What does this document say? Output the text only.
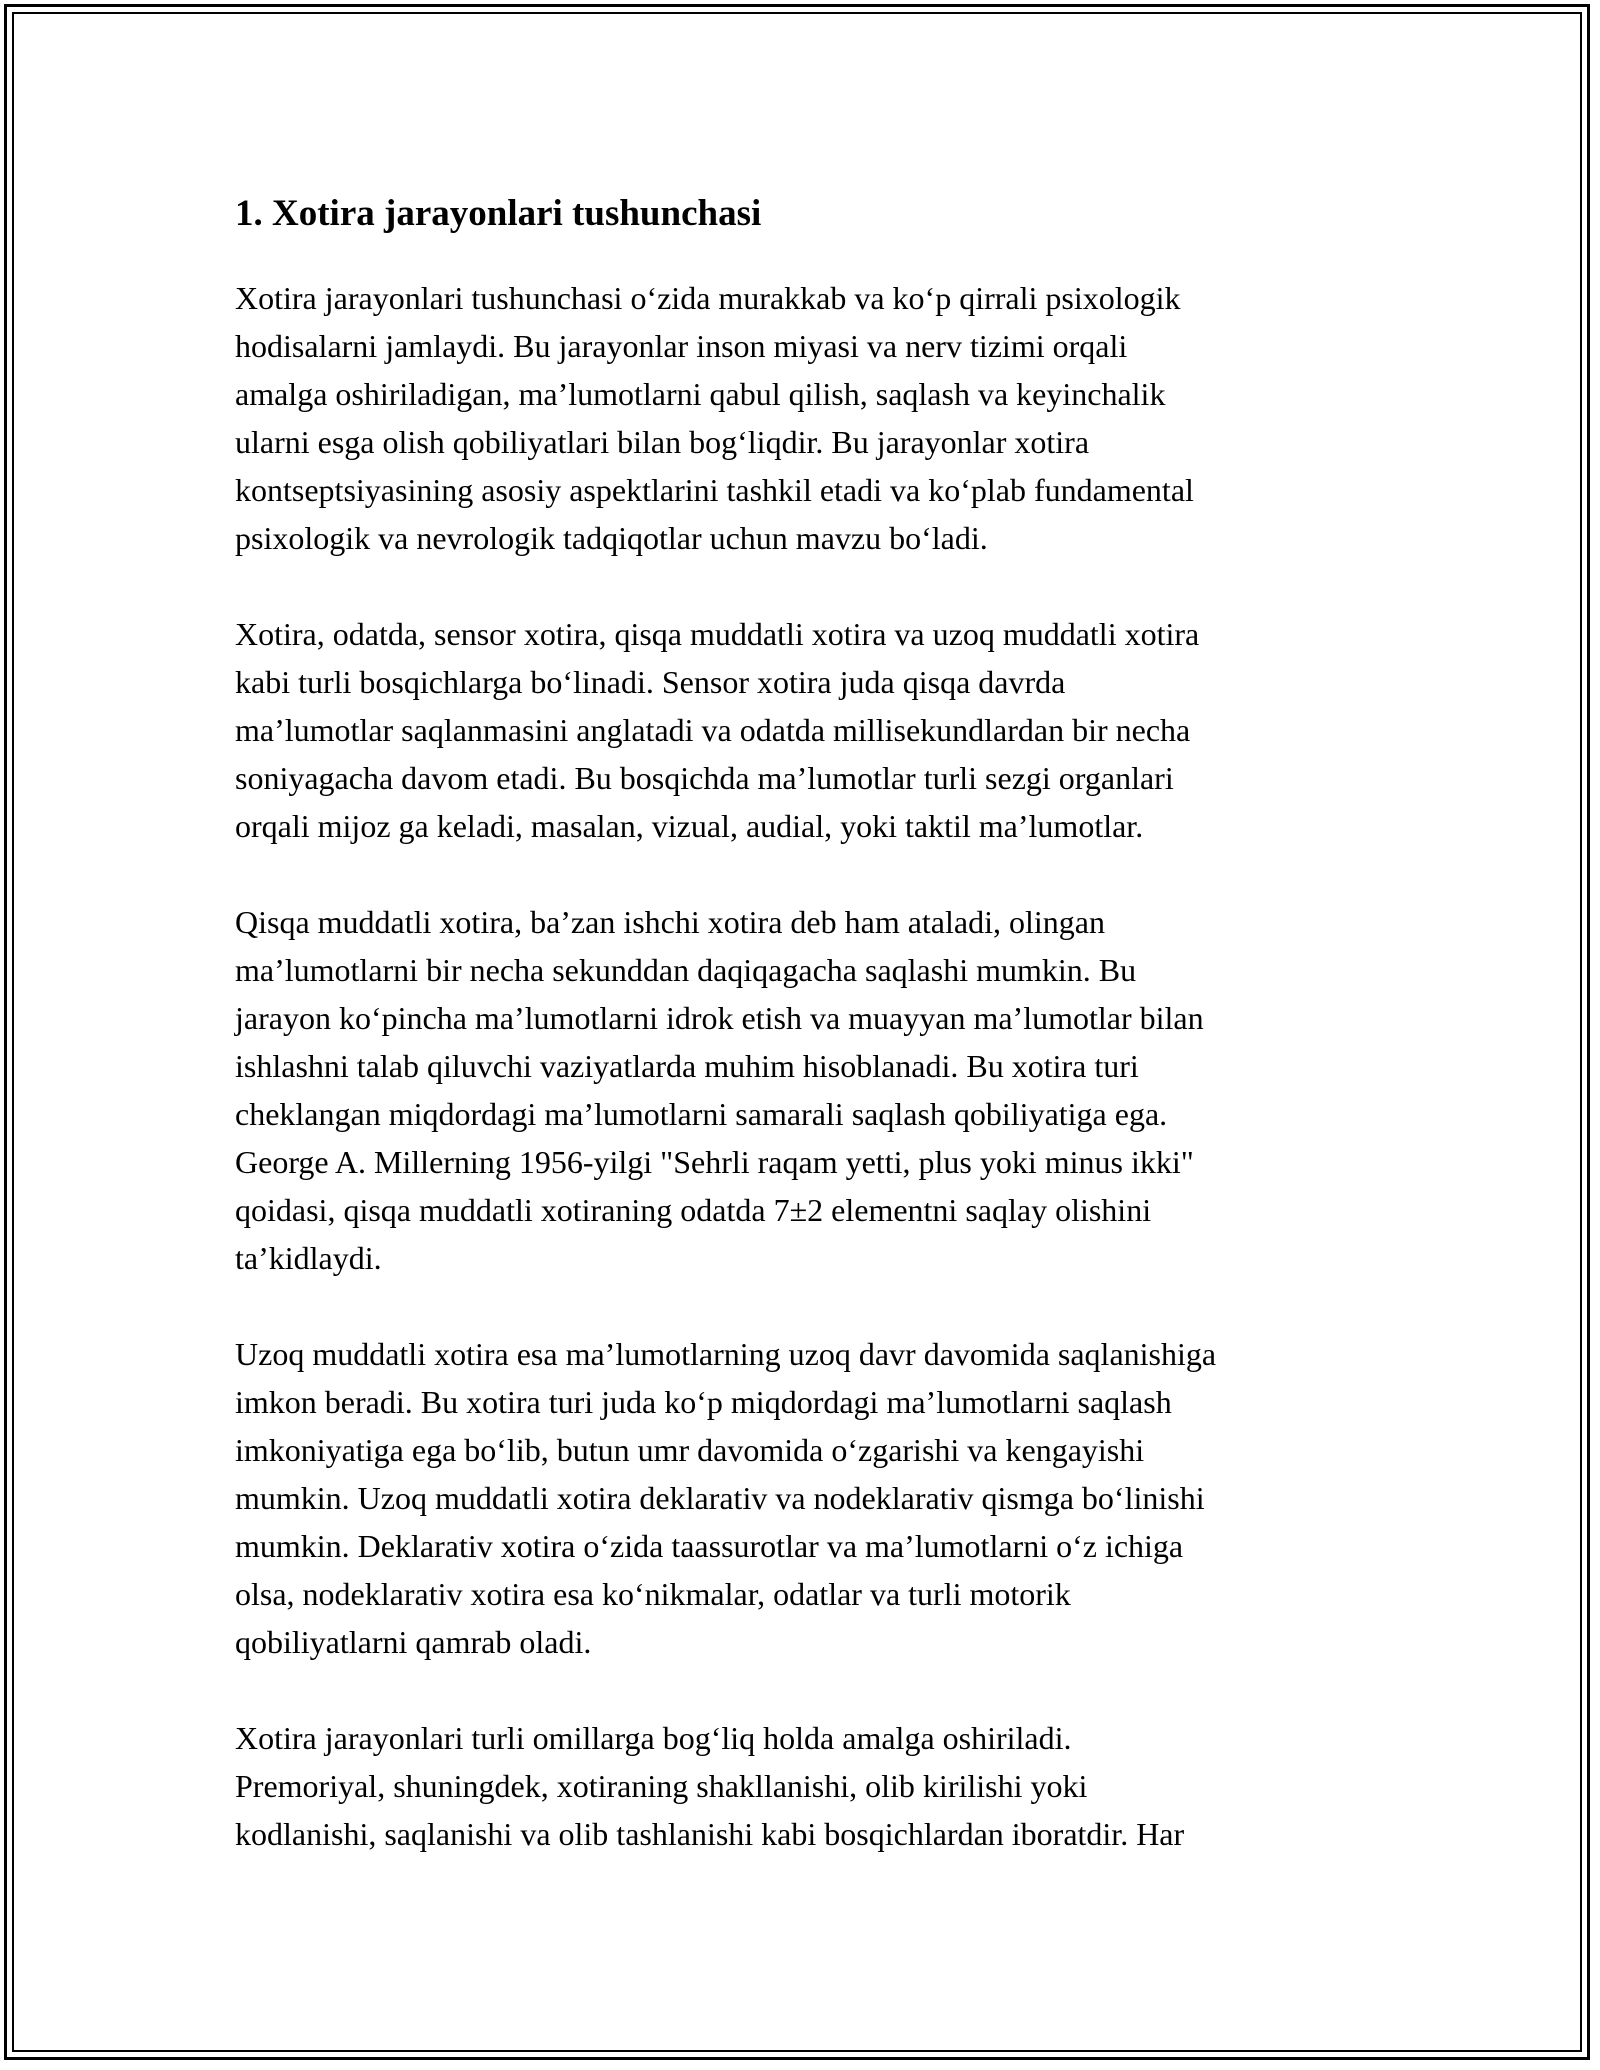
1. Xotira jarayonlari tushunchasi

Xotira jarayonlari tushunchasi o‘zida murakkab va ko‘p qirrali psixologik
hodisalarni jamlaydi. Bu jarayonlar inson miyasi va nerv tizimi orqali
amalga oshiriladigan, ma’lumotlarni qabul qilish, saqlash va keyinchalik
ularni esga olish qobiliyatlari bilan bog‘liqdir. Bu jarayonlar xotira
kontseptsiyasining asosiy aspektlarini tashkil etadi va ko‘plab fundamental
psixologik va nevrologik tadqiqotlar uchun mavzu bo‘ladi.

Xotira, odatda, sensor xotira, qisqa muddatli xotira va uzoq muddatli xotira
kabi turli bosqichlarga bo‘linadi. Sensor xotira juda qisqa davrda
ma’lumotlar saqlanmasini anglatadi va odatda millisekundlardan bir necha
soniyagacha davom etadi. Bu bosqichda ma’lumotlar turli sezgi organlari
orqali mijoz ga keladi, masalan, vizual, audial, yoki taktil ma’lumotlar.

Qisqa muddatli xotira, ba’zan ishchi xotira deb ham ataladi, olingan
ma’lumotlarni bir necha sekunddan daqiqagacha saqlashi mumkin. Bu
jarayon ko‘pincha ma’lumotlarni idrok etish va muayyan ma’lumotlar bilan
ishlashni talab qiluvchi vaziyatlarda muhim hisoblanadi. Bu xotira turi
cheklangan miqdordagi ma’lumotlarni samarali saqlash qobiliyatiga ega.
George A. Millerning 1956-yilgi "Sehrli raqam yetti, plus yoki minus ikki"
qoidasi, qisqa muddatli xotiraning odatda 7±2 elementni saqlay olishini
ta’kidlaydi.

Uzoq muddatli xotira esa ma’lumotlarning uzoq davr davomida saqlanishiga
imkon beradi. Bu xotira turi juda ko‘p miqdordagi ma’lumotlarni saqlash
imkoniyatiga ega bo‘lib, butun umr davomida o‘zgarishi va kengayishi
mumkin. Uzoq muddatli xotira deklarativ va nodeklarativ qismga bo‘linishi
mumkin. Deklarativ xotira o‘zida taassurotlar va ma’lumotlarni o‘z ichiga
olsa, nodeklarativ xotira esa ko‘nikmalar, odatlar va turli motorik
qobiliyatlarni qamrab oladi.

Xotira jarayonlari turli omillarga bog‘liq holda amalga oshiriladi.
Premoriyal, shuningdek, xotiraning shakllanishi, olib kirilishi yoki
kodlanishi, saqlanishi va olib tashlanishi kabi bosqichlardan iboratdir. Har
